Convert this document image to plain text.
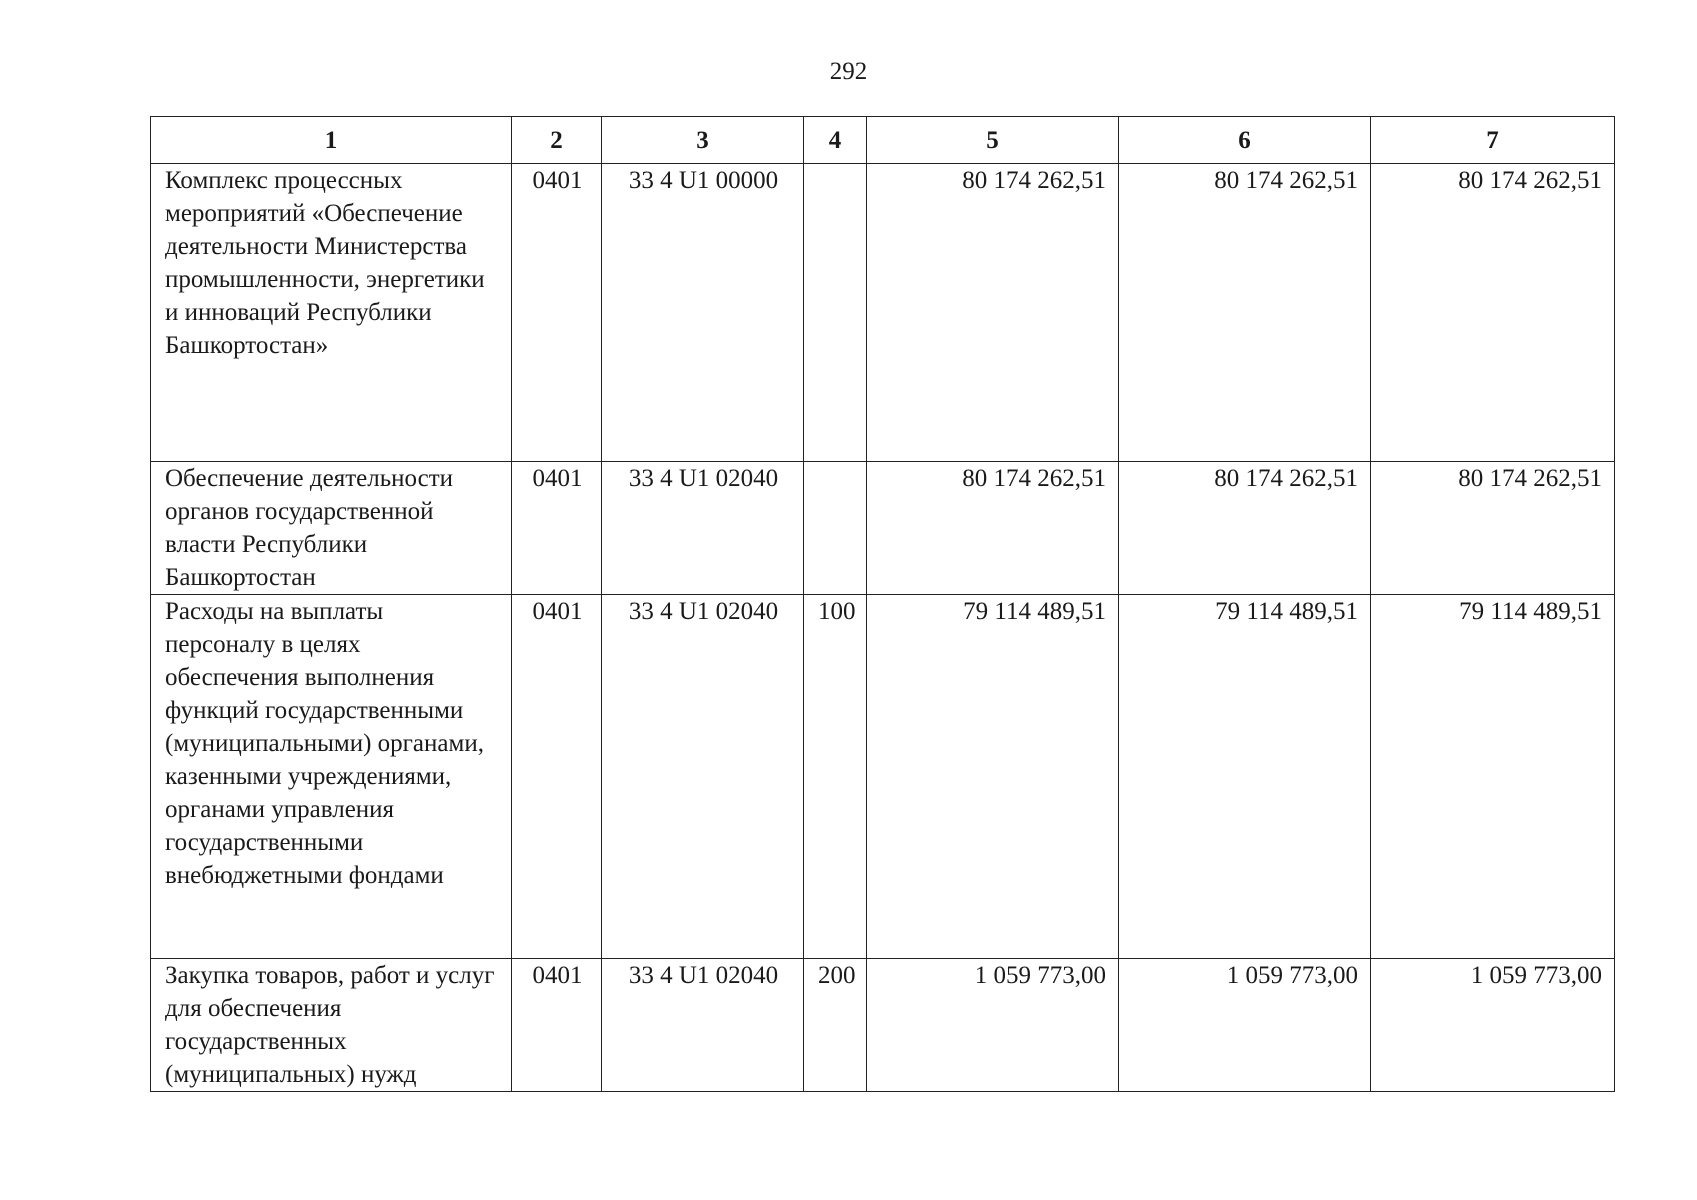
292
1	2	3	4	5	6	7
Комплекс процессных мероприятий «Обеспечение деятельности Министерства промышленности, энергетики и инноваций Республики Башкортостан»	0401	33 4 U1 00000		80 174 262,51	80 174 262,51	80 174 262,51
Обеспечение деятельности органов государственной власти Республики Башкортостан	0401	33 4 U1 02040		80 174 262,51	80 174 262,51	80 174 262,51
Расходы на выплаты персоналу в целях обеспечения выполнения функций государственными (муниципальными) органами, казенными учреждениями, органами управления государственными внебюджетными фондами	0401	33 4 U1 02040	100	79 114 489,51	79 114 489,51	79 114 489,51
Закупка товаров, работ и услуг для обеспечения государственных (муниципальных) нужд	0401	33 4 U1 02040	200	1 059 773,00	1 059 773,00	1 059 773,00
